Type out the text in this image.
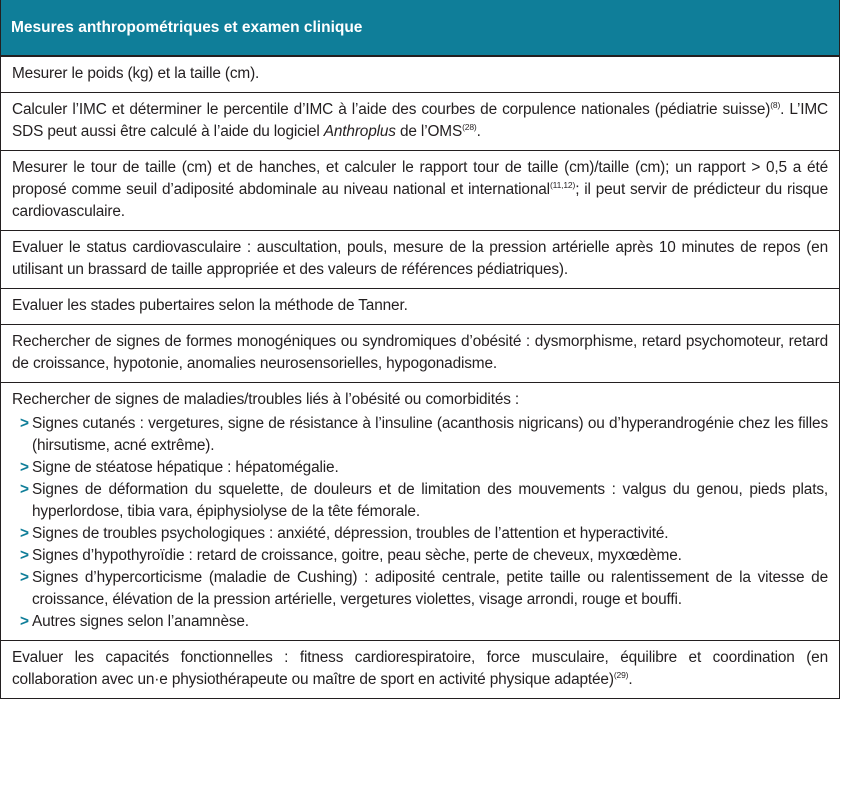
Mesures anthropométriques et examen clinique
Mesurer le poids (kg) et la taille (cm).
Calculer l’IMC et déterminer le percentile d’IMC à l’aide des courbes de corpulence nationales (pédiatrie suisse)$^{(8)}$. L’IMC SDS peut aussi être calculé à l’aide du logiciel Anthroplus de l’OMS$^{(28)}$.
Mesurer le tour de taille (cm) et de hanches, et calculer le rapport tour de taille (cm)/taille (cm); un rapport > 0,5 a été proposé comme seuil d’adiposité abdominale au niveau national et international$^{(11,12)}$; il peut servir de prédicteur du risque cardiovasculaire.
Evaluer le status cardiovasculaire : auscultation, pouls, mesure de la pression artérielle après 10 minutes de repos (en utilisant un brassard de taille appropriée et des valeurs de références pédiatriques).
Evaluer les stades pubertaires selon la méthode de Tanner.
Rechercher de signes de formes monogéniques ou syndromiques d’obésité : dysmorphisme, retard psychomoteur, retard de croissance, hypotonie, anomalies neurosensorielles, hypogonadisme.
Rechercher de signes de maladies/troubles liés à l’obésité ou comorbidités :
> Signes cutanés : vergetures, signe de résistance à l’insuline (acanthosis nigricans) ou d’hyperandrogénie chez les filles (hirsutisme, acné extrême).
> Signe de stéatose hépatique : hépatomégalie.
> Signes de déformation du squelette, de douleurs et de limitation des mouvements : valgus du genou, pieds plats, hyperlordose, tibia vara, épiphysiolyse de la tête fémorale.
> Signes de troubles psychologiques : anxiété, dépression, troubles de l’attention et hyperactivité.
> Signes d’hypothyroïdie : retard de croissance, goitre, peau sèche, perte de cheveux, myxœdème.
> Signes d’hypercorticisme (maladie de Cushing) : adiposité centrale, petite taille ou ralentissement de la vitesse de croissance, élévation de la pression artérielle, vergetures violettes, visage arrondi, rouge et bouffi.
> Autres signes selon l’anamnèse.
Evaluer les capacités fonctionnelles : fitness cardiorespiratoire, force musculaire, équilibre et coordination (en collaboration avec un·e physiothérapeute ou maître de sport en activité physique adaptée)$^{(29)}$.
